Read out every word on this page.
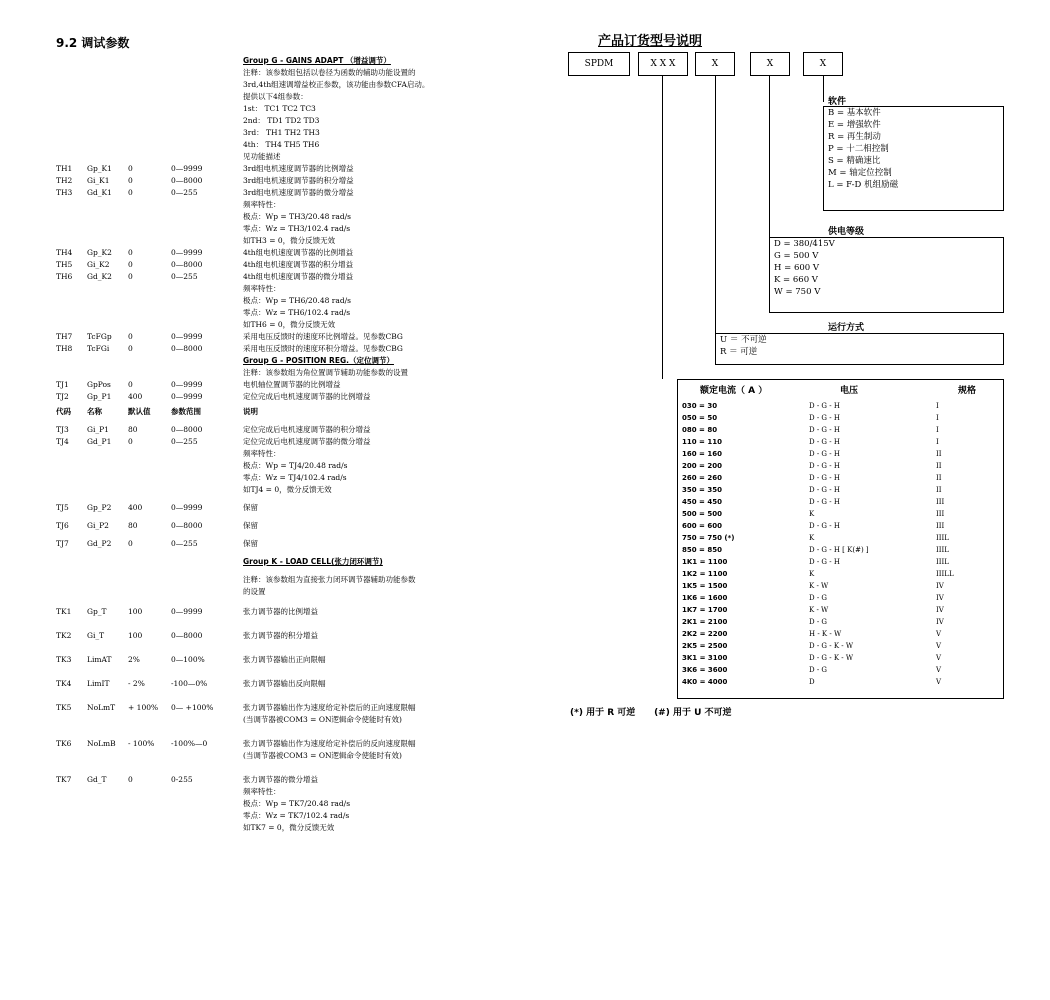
9.2 调试参数
Group G - GAINS ADAPT （增益调节）
注释：该参数组包括以卷径为函数的辅助功能设置的
3rd,4th组速调增益校正参数，该功能由参数CFA启动。
提供以下4组参数：
1st： TC1 TC2 TC3
2nd： TD1 TD2 TD3
3rd： TH1 TH2 TH3
4th： TH4 TH5 TH6
见功能描述
TH1 Gp_K1 0	0—9999	3rd组电机速度调节器的比例增益
TH2 Gi_K1 0	0—8000	3rd组电机速度调节器的积分增益
TH3 Gd_K1 0	0—255	3rd组电机速度调节器的微分增益
频率特性：
极点：Wp = TH3/20.48 rad/s
零点：Wz = TH3/102.4 rad/s
如TH3 = 0，微分反馈无效
TH4 Gp_K2 0	0—9999	4th组电机速度调节器的比例增益
TH5 Gi_K2 0	0—8000	4th组电机速度调节器的积分增益
TH6 Gd_K2 0	0—255	4th组电机速度调节器的微分增益
频率特性：
极点：Wp = TH6/20.48 rad/s
零点：Wz = TH6/102.4 rad/s
如TH6 = 0，微分反馈无效
TH7 TcFGp 0	0—9999	采用电压反馈时的速度环比例增益。见参数CBG
TH8 TcFGi	0	0—8000	采用电压反馈时的速度环积分增益。见参数CBG
Group G - POSITION REG.（定位调节）
注释：该参数组为角位置调节辅助功能参数的设置
TJ1 GpPos 0	0—9999	电机轴位置调节器的比例增益
TJ2 Gp_P1 400	0—9999	定位完成后电机速度调节器的比例增益
代码 名称	默认值	参数范围	说明
TJ3 Gi_P1	80	0—8000	定位完成后电机速度调节器的积分增益
TJ4 Gd_P1 0	0—255	定位完成后电机速度调节器的微分增益
频率特性：
极点：Wp = TJ4/20.48 rad/s
零点：Wz = TJ4/102.4 rad/s
如TJ4 = 0，微分反馈无效
TJ5 Gp_P2 400	0—9999	保留
TJ6 Gi_P2	80	0—8000	保留
TJ7 Gd_P2 0	0—255	保留
Group K - LOAD CELL(张力闭环调节)
注释：该参数组为直接张力闭环调节器辅助功能参数
的设置
TK1 Gp_T	100	0—9999	张力调节器的比例增益
TK2 Gi_T	100	0—8000	张力调节器的积分增益
TK3 LimAT 2%	0—100%	张力调节器输出正向限幅
TK4 LimIT - 2%	-100—0%	张力调节器输出反向限幅
TK5 NoLmT + 100% 0— +100%	张力调节器输出作为速度给定补偿后的正向速度限幅
(当调节器被COM3 = ON逻辑命令使能时有效)
TK6 NoLmB - 100% -100%—0	张力调节器输出作为速度给定补偿后的反向速度限幅
(当调节器被COM3 = ON逻辑命令使能时有效)
TK7 Gd_T	0	0-255	张力调节器的微分增益
频率特性：
极点：Wp = TK7/20.48 rad/s
零点：Wz = TK7/102.4 rad/s
如TK7 = 0，微分反馈无效
产品订货型号说明
SPDM	X X X	X	X	X
软件
B = 基本软件
E = 增强软件
R = 再生制动
P = 十二相控制
S = 精确速比
M = 轴定位控制
L = F-D 机组励磁
供电等级
D = 380/415V
G = 500 V
H = 600 V
K = 660 V
W = 750 V
运行方式
U ＝ 不可逆
R ＝ 可逆
额定电流（ A ）	电压	规格
030 = 30	D - G - H	I
050 = 50	D - G - H	I
080 = 80	D - G - H	I
110 = 110	D - G - H	I
160 = 160	D - G - H	II
200 = 200	D - G - H	II
260 = 260	D - G - H	II
350 = 350	D - G - H	II
450 = 450	D - G - H	III
500 = 500	K	III
600 = 600	D - G - H	III
750 = 750 (*)	K	IIIL
850 = 850	D - G - H [ K(#) ]	IIIL
1K1 = 1100	D - G - H	IIIL
1K2 = 1100	K	IIILL
1K5 = 1500	K - W	IV
1K6 = 1600	D - G	IV
1K7 = 1700	K - W	IV
2K1 = 2100	D - G	IV
2K2 = 2200	H - K - W	V
2K5 = 2500	D - G - K - W	V
3K1 = 3100	D - G - K - W	V
3K6 = 3600	D - G	V
4K0 = 4000	D	V
(*) 用于 R 可逆      (#) 用于 U 不可逆
